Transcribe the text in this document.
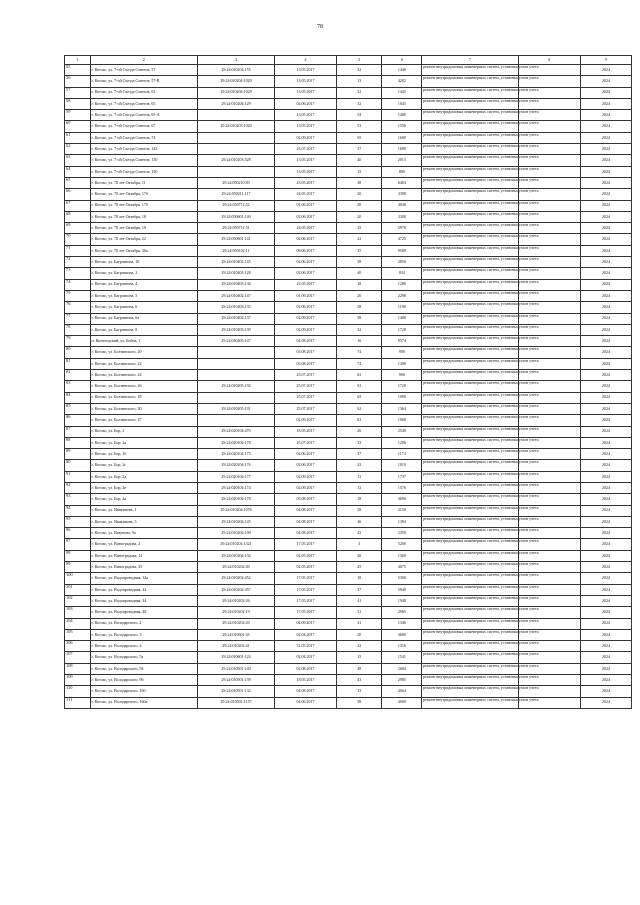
78
1	2	3	4	5	6	7	8	9
55	г. Котлас, ул. 7-ой Съезда Советов, 57	29:24:010204:155	13.05.2017	32	1446	ремонт внутридомовых инженерных систем, установка узлов учета		2024
56	г. Котлас, ул. 7-ой Съезда Советов, 57-В	29:24:010204:1020	13.05.2017	13	4282	ремонт внутридомовых инженерных систем, установка узлов учета		2024
57	г. Котлас, ул. 7-ой Съезда Советов, 63	29:24:010204:1029	13.05.2017	32	1445	ремонт внутридомовых инженерных систем, установка узлов учета		2024
58	г. Котлас, ул. 7-ой Съезда Советов, 65	29:24:010204:129	02.06.2017	32	1045	ремонт внутридомовых инженерных систем, установка узлов учета		2024
59	г. Котлас, ул. 7-ой Съезда Советов, 65-А		13.05.2017	54	1480	ремонт внутридомовых инженерных систем, установка узлов учета		2024
60	г. Котлас, ул. 7-ой Съезда Советов, 67	29:24:010203:1020	13.05.2017	53	1556	ремонт внутридомовых инженерных систем, установка узлов учета		2024
61	г. Котлас, ул. 7-ой Съезда Советов, 74		02.09.2017	65	1600	ремонт внутридомовых инженерных систем, установка узлов учета		2024
62	г. Котлас, ул. 7-ой Съезда Советов, 142		23.07.2017	37	1600	ремонт внутридомовых инженерных систем, установка узлов учета		2024
63	г. Котлас, ул. 7-ой Съезда Советов, 150	29:24:010203:528	13.05.2017	40	2013	ремонт внутридомовых инженерных систем, установка узлов учета		2024
64	г. Котлас, ул. 7-ой Съезда Советов, 150		13.05.2017	15	800	ремонт внутридомовых инженерных систем, установка узлов учета		2024
65	г. Котлас, ул. 70 лет Октября, 11	29:24:050210:83	23.05.2017	38	6403	ремонт внутридомовых инженерных систем, установка узлов учета		2024
66	г. Котлас, ул. 70 лет Октября, 17б	29:24:050211:117	24.05.2017	20	3398	ремонт внутридомовых инженерных систем, установка узлов учета		2024
67	г. Котлас, ул. 70 лет Октября, 17б	29:24:050711:52	01.06.2017	20	4046	ремонт внутридомовых инженерных систем, установка узлов учета		2024
68	г. Котлас, ул. 70 лет Октября, 18	29:24:050601:140	02.06.2017	20	3300	ремонт внутридомовых инженерных систем, установка узлов учета		2024
69	г. Котлас, ул. 70 лет Октября, 19	29:24:050711:51	24.05.2017	25	5978	ремонт внутридомовых инженерных систем, установка узлов учета		2024
70	г. Котлас, ул. 70 лет Октября, 22	29:24:050601:141	02.06.2017	22	4725	ремонт внутридомовых инженерных систем, установка узлов учета		2024
71	г. Котлас, ул. 70 лет Октября, 30а	29:24:050102:11	09.06.2017	15	9569	ремонт внутридомовых инженерных систем, установка узлов учета		2024
72	г. Котлас, ул. Багратиона, 10	29:24:010402:145	02.06.2017	38	2850	ремонт внутридомовых инженерных систем, установка узлов учета		2024
73	г. Котлас, ул. Багратиона, 2	29:24:010403:128	02.06.2017	40	834	ремонт внутридомовых инженерных систем, установка узлов учета		2024
74	г. Котлас, ул. Багратиона, 4	29:24:010403:136	22.05.2017	18	1280	ремонт внутридомовых инженерных систем, установка узлов учета		2024
75	г. Котлас, ул. Багратиона, 5	29:24:010402:147	01.09.2017	20	2298	ремонт внутридомовых инженерных систем, установка узлов учета		2024
76	г. Котлас, ул. Багратиона, 6	29:24:010403:135	02.06.2017	38	1100	ремонт внутридомовых инженерных систем, установка узлов учета		2024
77	г. Котлас, ул. Багратиона, 6а	29:24:010402:137	02.09.2017	38	1400	ремонт внутридомовых инженерных систем, установка узлов учета		2024
78	г. Котлас, ул. Багратиона, 8	29:24:010403:139	02.09.2017	32	1720	ремонт внутридомовых инженерных систем, установка узлов учета		2024
79	п. Вычегодский, ул. Бойна, 1	29:24:030405:147	04.08.2017	16	9574	ремонт внутридомовых инженерных систем, установка узлов учета		2024
80	г. Котлас, ул. Болтинского, 20		03.08.2017	74	900	ремонт внутридомовых инженерных систем, установка узлов учета		2024
81	г. Котлас, ул. Болтинского, 22		03.08.2017	74	1300	ремонт внутридомовых инженерных систем, установка узлов учета		2024
82	г. Котлас, ул. Болтинского, 24		25.07.2017	63	900	ремонт внутридомовых инженерных систем, установка узлов учета		2024
83	г. Котлас, ул. Болтинского, 26	29:24:010205:192	25.07.2017	63	1720	ремонт внутридомовых инженерных систем, установка узлов учета		2024
84	г. Котлас, ул. Болтинского, 28		25.07.2017	65	1000	ремонт внутридомовых инженерных систем, установка узлов учета		2024
85	г. Котлас, ул. Болтинского, 30	29:24:010205:191	25.07.2017	62	1364	ремонт внутридомовых инженерных систем, установка узлов учета		2024
86	г. Котлас, ул. Болтинского, 47		02.09.2017	63	1000	ремонт внутридомовых инженерных систем, установка узлов учета		2024
87	г. Котлас, ул. Бор, 2	29:24:020104:470	18.05.2017	26	2540	ремонт внутридомовых инженерных систем, установка узлов учета		2024
88	г. Котлас, ул. Бор, 2а	29:24:020104:178	25.07.2017	33	1206	ремонт внутридомовых инженерных систем, установка узлов учета		2024
89	г. Котлас, ул. Бор, 2б	29:24:020104:175	02.06.2017	37	1174	ремонт внутридомовых инженерных систем, установка узлов учета		2024
90	г. Котлас, ул. Бор, 2г	29:24:020104:176	02.06.2017	22	1010	ремонт внутридомовых инженерных систем, установка узлов учета		2024
91	г. Котлас, ул. Бор, 2д	29:24:020104:177	02.09.2017	13	1737	ремонт внутридомовых инженерных систем, установка узлов учета		2024
92	г. Котлас, ул. Бор, 2е	29:24:020104:174	02.09.2017	12	1576	ремонт внутридомовых инженерных систем, установка узлов учета		2024
93	г. Котлас, ул. Бор, 4а	29:24:020104:178	03.08.2017	18	3696	ремонт внутридомовых инженерных систем, установка узлов учета		2024
94	г. Котлас, ул. Ивакинова, 1	29:24:010204:1076	04.08.2017	28	2150	ремонт внутридомовых инженерных систем, установка узлов учета		2024
95	г. Котлас, ул. Ивакинова, 5	29:24:010204:145	04.08.2017	46	1394	ремонт внутридомовых инженерных систем, установка узлов учета		2024
96	г. Котлас, ул. Вязунова, 9а	29:24:010204:199	04.08.2017	43	2350	ремонт внутридомовых инженерных систем, установка узлов учета		2024
97	г. Котлас, ул. Виноградова, 2	29:24:010204:1321	17.05.2017	3	5200	ремонт внутридомовых инженерных систем, установка узлов учета		2024
98	г. Котлас, ул. Виноградова, 14	29:24:010204:134	02.05.2017	20	1360	ремонт внутридомовых инженерных систем, установка узлов учета		2024
99	г. Котлас, ул. Виноградова, 35	29:24:010202:40	02.05.2017	25	4075	ремонт внутридомовых инженерных систем, установка узлов учета		2024
100	г. Котлас, ул. Водопроводная, 34а	29:24:010202:452	17.05.2017	18	5300	ремонт внутридомовых инженерных систем, установка узлов учета		2024
101	г. Котлас, ул. Водопроводная, 42	29:24:010202:357	17.05.2017	37	5940	ремонт внутридомовых инженерных систем, установка узлов учета		2024
102	г. Котлас, ул. Водопроводная, 44	29:24:010202:26	17.05.2017	41	1948	ремонт внутридомовых инженерных систем, установка узлов учета		2024
103	г. Котлас, ул. Водопроводная, 48	29:24:010202:19	17.05.2017	31	2965	ремонт внутридомовых инженерных систем, установка узлов учета		2024
104	г. Котлас, ул. Володарского, 2	29:24:010202:20	02.09.2017	41	1346	ремонт внутридомовых инженерных систем, установка узлов учета		2024
105	г. Котлас, ул. Володарского, 3	29:24:010601:45	02.04.2017	20	3600	ремонт внутридомовых инженерных систем, установка узлов учета		2024
106	г. Котлас, ул. Володарского, 4	29:24:010202:41	31.05.2017	22	1316	ремонт внутридомовых инженерных систем, установка узлов учета		2024
107	г. Котлас, ул. Володарского, 5а	29:24:010601:124	02.04.2017	15	1541	ремонт внутридомовых инженерных систем, установка узлов учета		2024
108	г. Котлас, ул. Володарского, 94	29:24:010501:140	02.08.2017	48	2684	ремонт внутридомовых инженерных систем, установка узлов учета		2024
109	г. Котлас, ул. Володарского, 96	29:24:010501:139	18.05.2017	43	2985	ремонт внутридомовых инженерных систем, установка узлов учета		2024
110	г. Котлас, ул. Володарского, 160	29:24:010501:132	04.08.2017	13	4064	ремонт внутридомовых инженерных систем, установка узлов учета		2024
111	г. Котлас, ул. Володарского, 160а	29:24:010501:1157	04.06.2017	38	4000	ремонт внутридомовых инженерных систем, установка узлов учета		2024
